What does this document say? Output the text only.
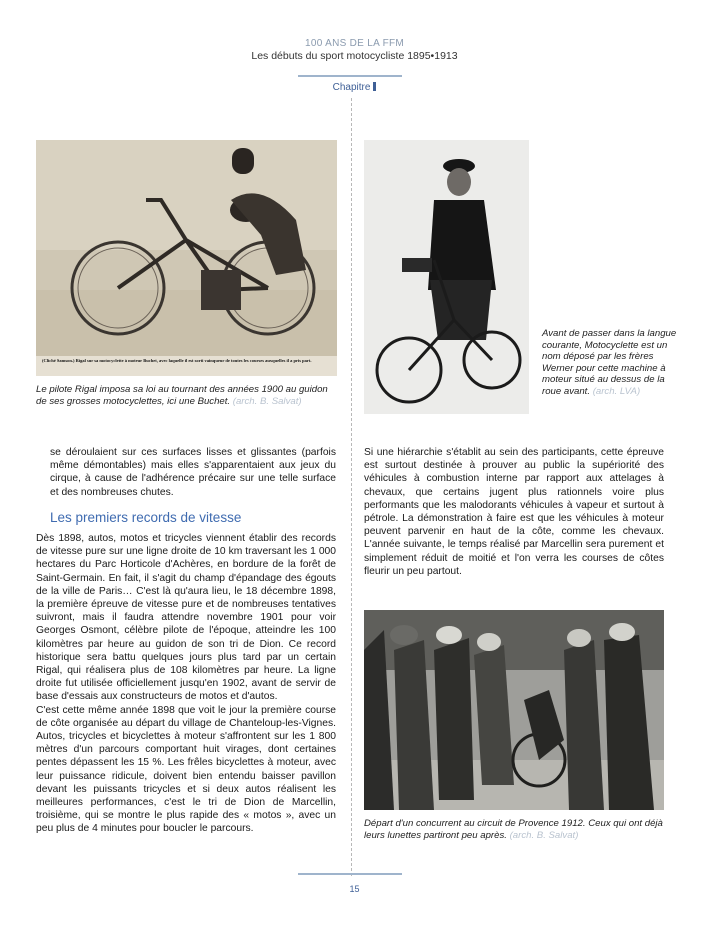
100 ANS DE LA FFM
Les débuts du sport motocycliste 1895•1913
Chapitre
(Cliché Samson.) Rigal sur sa motocyclette à moteur Buchet, avec laquelle il est sorti vainqueur de toutes les courses auxquelles il a pris part.
Le pilote Rigal imposa sa loi au tournant des années 1900 au guidon de ses grosses motocyclettes, ici une Buchet. (arch. B. Salvat)
Avant de passer dans la langue courante, Motocyclette est un nom déposé par les frères Werner pour cette machine à moteur situé au dessus de la roue avant. (arch. LVA)

se déroulaient sur ces surfaces lisses et glissantes (parfois même démontables) mais elles s'apparentaient aux jeux du cirque, à cause de l'adhérence précaire sur une telle surface et des nombreuses chutes.

Les premiers records de vitesse

Dès 1898, autos, motos et tricycles viennent établir des records de vitesse pure sur une ligne droite de 10 km traversant les 1 000 hectares du Parc Horticole d'Achères, en bordure de la forêt de Saint-Germain. En fait, il s'agit du champ d'épandage des égouts de la ville de Paris… C'est là qu'aura lieu, le 18 décembre 1898, la première épreuve de vitesse pure et de nombreuses tentatives suivront, mais il faudra attendre novembre 1901 pour voir Georges Osmont, célèbre pilote de l'époque, atteindre les 100 kilomètres par heure au guidon de son tri de Dion. Ce record historique sera battu quelques jours plus tard par un certain Rigal, qui réalisera plus de 108 kilomètres par heure. La ligne droite fut utilisée officiellement jusqu'en 1902, avant de servir de base d'essais aux constructeurs de motos et d'autos.

C'est cette même année 1898 que voit le jour la première course de côte organisée au départ du village de Chanteloup-les-Vignes. Autos, tricycles et bicyclettes à moteur s'affrontent sur les 1 800 mètres d'un parcours comportant huit virages, dont certaines pentes dépassent les 15 %. Les frêles bicyclettes à moteur, avec leur puissance ridicule, doivent bien entendu baisser pavillon devant les puissants tricycles et si deux autos réalisent les meilleures performances, c'est le tri de Dion de Marcellin, troisième, qui se montre le plus rapide des « motos », avec un peu plus de 4 minutes pour boucler le parcours.

Si une hiérarchie s'établit au sein des participants, cette épreuve est surtout destinée à prouver au public la supériorité des véhicules à combustion interne par rapport aux attelages à chevaux, que certains jugent plus rationnels voire plus performants que les malodorants véhicules à vapeur et surtout à pétrole. La démonstration à faire est que les véhicules à moteur peuvent parvenir en haut de la côte, comme les chevaux. L'année suivante, le temps réalisé par Marcellin sera purement et simplement réduit de moitié et l'on verra les courses de côtes fleurir un peu partout.

Départ d'un concurrent au circuit de Provence 1912. Ceux qui ont déjà leurs lunettes partiront peu après. (arch. B. Salvat)
15
